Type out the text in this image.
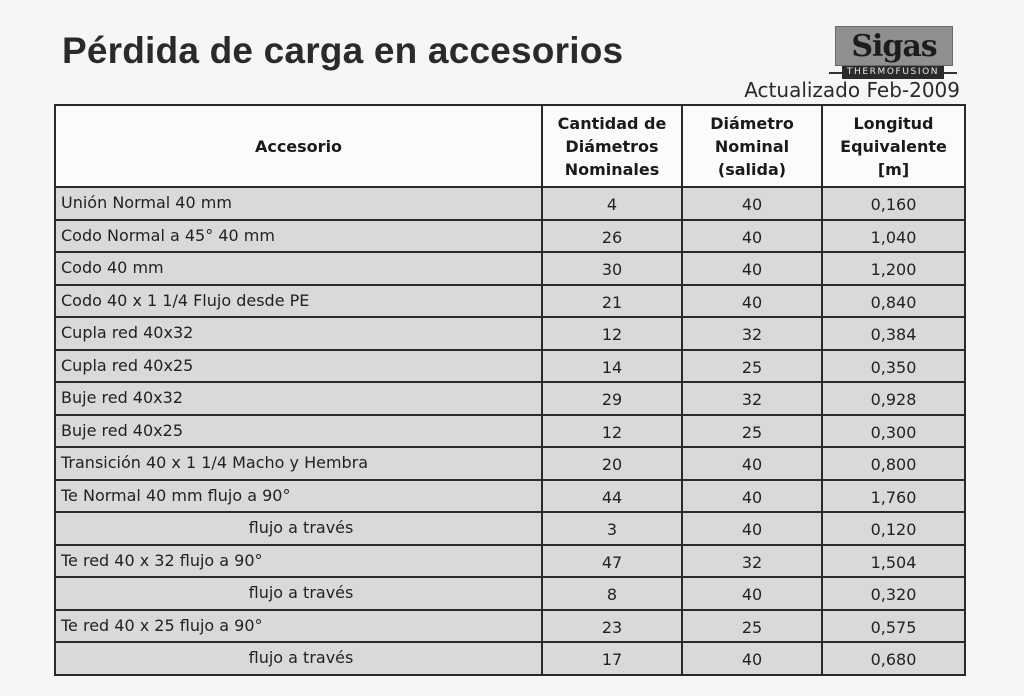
Pérdida de carga en accesorios	Sigas
THERMOFUSION
Actualizado Feb-2009
Accesorio	Cantidad de Diámetros Nominales	Diámetro Nominal (salida)	Longitud Equivalente [m]

Unión Normal 40 mm	4	40	0,160
Codo Normal a 45° 40 mm	26	40	1,040
Codo 40 mm	30	40	1,200
Codo 40 x 1 1/4 Flujo desde PE	21	40	0,840
Cupla red 40x32	12	32	0,384
Cupla red 40x25	14	25	0,350
Buje red 40x32	29	32	0,928
Buje red 40x25	12	25	0,300
Transición 40 x 1 1/4 Macho y Hembra	20	40	0,800
Te Normal 40 mm flujo a 90°	44	40	1,760
flujo a través	3	40	0,120
Te red 40 x 32 flujo a 90°	47	32	1,504
flujo a través	8	40	0,320
Te red 40 x 25 flujo a 90°	23	25	0,575
flujo a través	17	40	0,680
